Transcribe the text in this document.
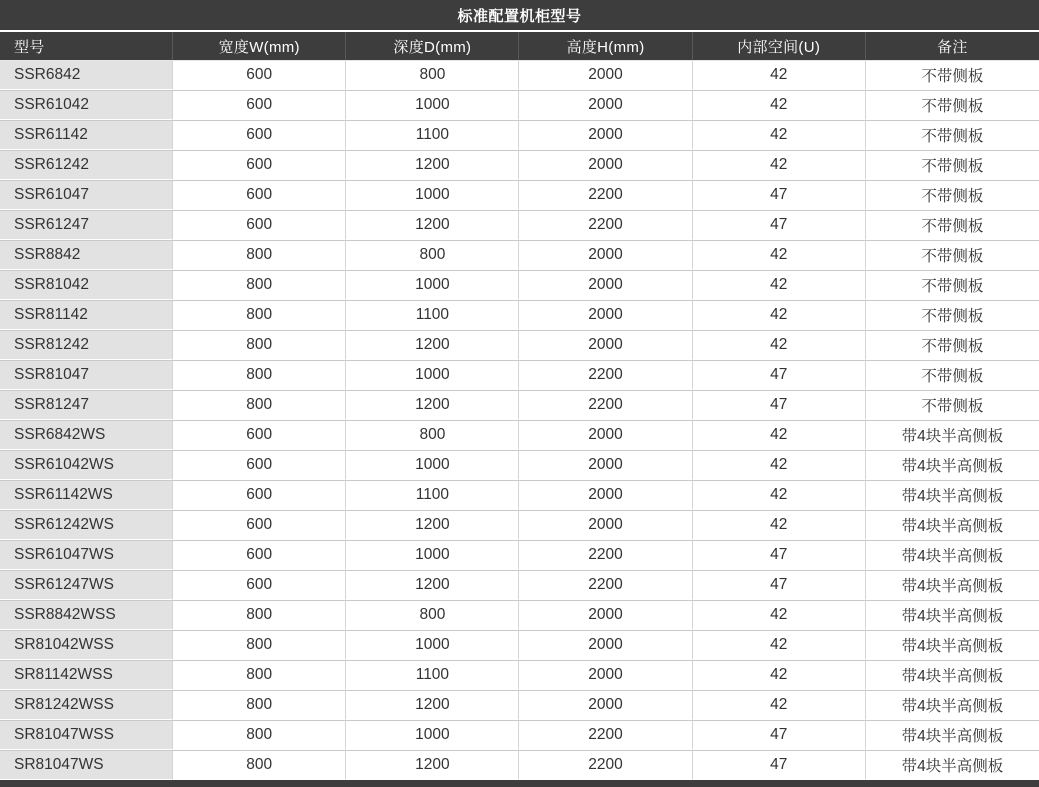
标准配置机柜型号
型号	宽度W(mm)	深度D(mm)	高度H(mm)	内部空间(U)	备注
SSR6842	600	800	2000	42	不带侧板
SSR61042	600	1000	2000	42	不带侧板
SSR61142	600	1100	2000	42	不带侧板
SSR61242	600	1200	2000	42	不带侧板
SSR61047	600	1000	2200	47	不带侧板
SSR61247	600	1200	2200	47	不带侧板
SSR8842	800	800	2000	42	不带侧板
SSR81042	800	1000	2000	42	不带侧板
SSR81142	800	1100	2000	42	不带侧板
SSR81242	800	1200	2000	42	不带侧板
SSR81047	800	1000	2200	47	不带侧板
SSR81247	800	1200	2200	47	不带侧板
SSR6842WS	600	800	2000	42	带4块半高侧板
SSR61042WS	600	1000	2000	42	带4块半高侧板
SSR61142WS	600	1100	2000	42	带4块半高侧板
SSR61242WS	600	1200	2000	42	带4块半高侧板
SSR61047WS	600	1000	2200	47	带4块半高侧板
SSR61247WS	600	1200	2200	47	带4块半高侧板
SSR8842WSS	800	800	2000	42	带4块半高侧板
SR81042WSS	800	1000	2000	42	带4块半高侧板
SR81142WSS	800	1100	2000	42	带4块半高侧板
SR81242WSS	800	1200	2000	42	带4块半高侧板
SR81047WSS	800	1000	2200	47	带4块半高侧板
SR81047WS	800	1200	2200	47	带4块半高侧板
